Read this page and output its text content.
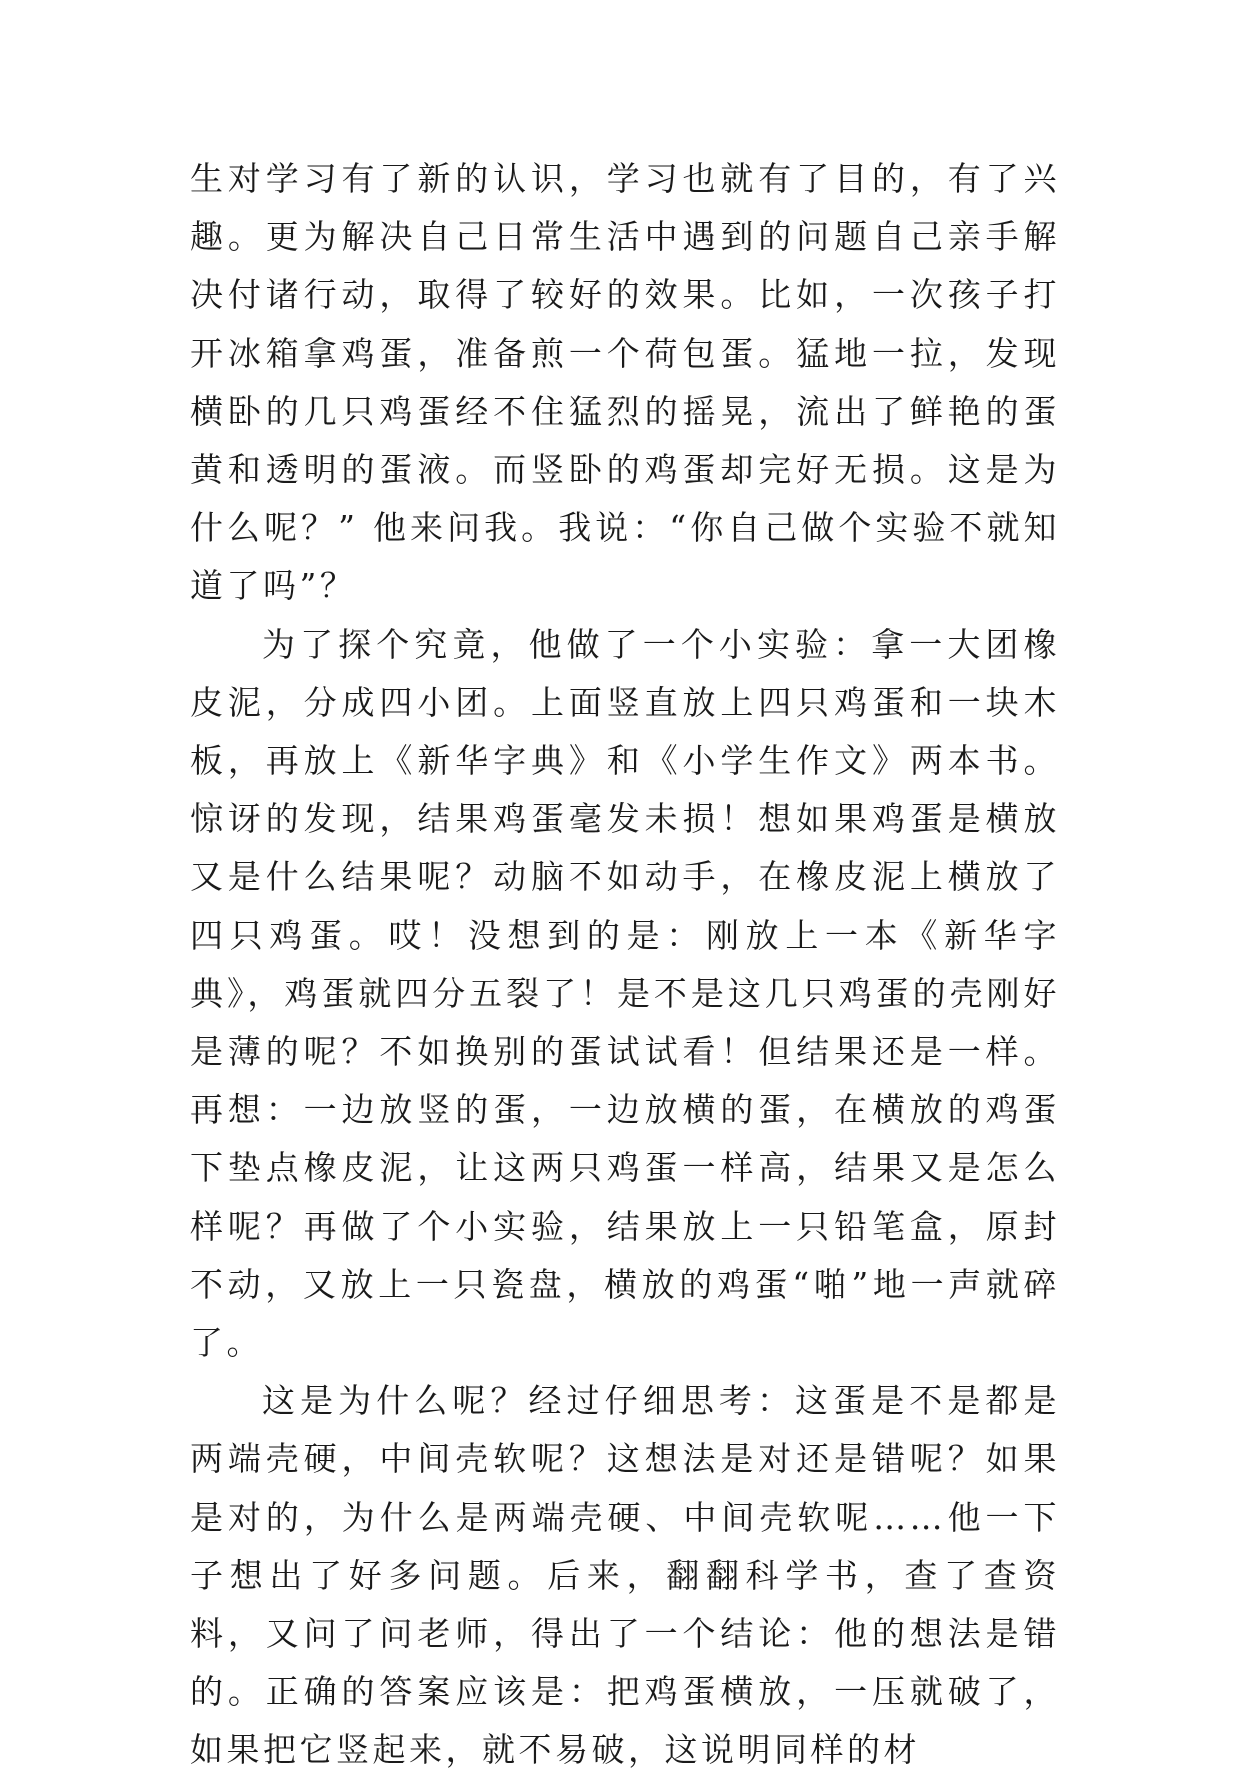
生对学习有了新的认识，学习也就有了目的，有了兴趣。更为解决自己日常生活中遇到的问题自己亲手解决付诸行动，取得了较好的效果。比如，一次孩子打开冰箱拿鸡蛋，准备煎一个荷包蛋。猛地一拉，发现横卧的几只鸡蛋经不住猛烈的摇晃，流出了鲜艳的蛋黄和透明的蛋液。而竖卧的鸡蛋却完好无损。这是为什么呢？” 他来问我。我说：“你自己做个实验不就知道了吗”？

为了探个究竟，他做了一个小实验：拿一大团橡皮泥，分成四小团。上面竖直放上四只鸡蛋和一块木板，再放上《新华字典》和《小学生作文》两本书。惊讶的发现，结果鸡蛋毫发未损！想如果鸡蛋是横放又是什么结果呢？动脑不如动手，在橡皮泥上横放了四只鸡蛋。哎！没想到的是：刚放上一本《新华字典》，鸡蛋就四分五裂了！是不是这几只鸡蛋的壳刚好是薄的呢？不如换别的蛋试试看！但结果还是一样。再想：一边放竖的蛋，一边放横的蛋，在横放的鸡蛋下垫点橡皮泥，让这两只鸡蛋一样高，结果又是怎么样呢？再做了个小实验，结果放上一只铅笔盒，原封不动，又放上一只瓷盘，横放的鸡蛋“啪”地一声就碎了。

这是为什么呢？经过仔细思考：这蛋是不是都是两端壳硬，中间壳软呢？这想法是对还是错呢？如果是对的，为什么是两端壳硬、中间壳软呢……他一下子想出了好多问题。后来，翻翻科学书，查了查资料，又问了问老师，得出了一个结论：他的想法是错的。正确的答案应该是：把鸡蛋横放，一压就破了，如果把它竖起来，就不易破，这说明同样的材
